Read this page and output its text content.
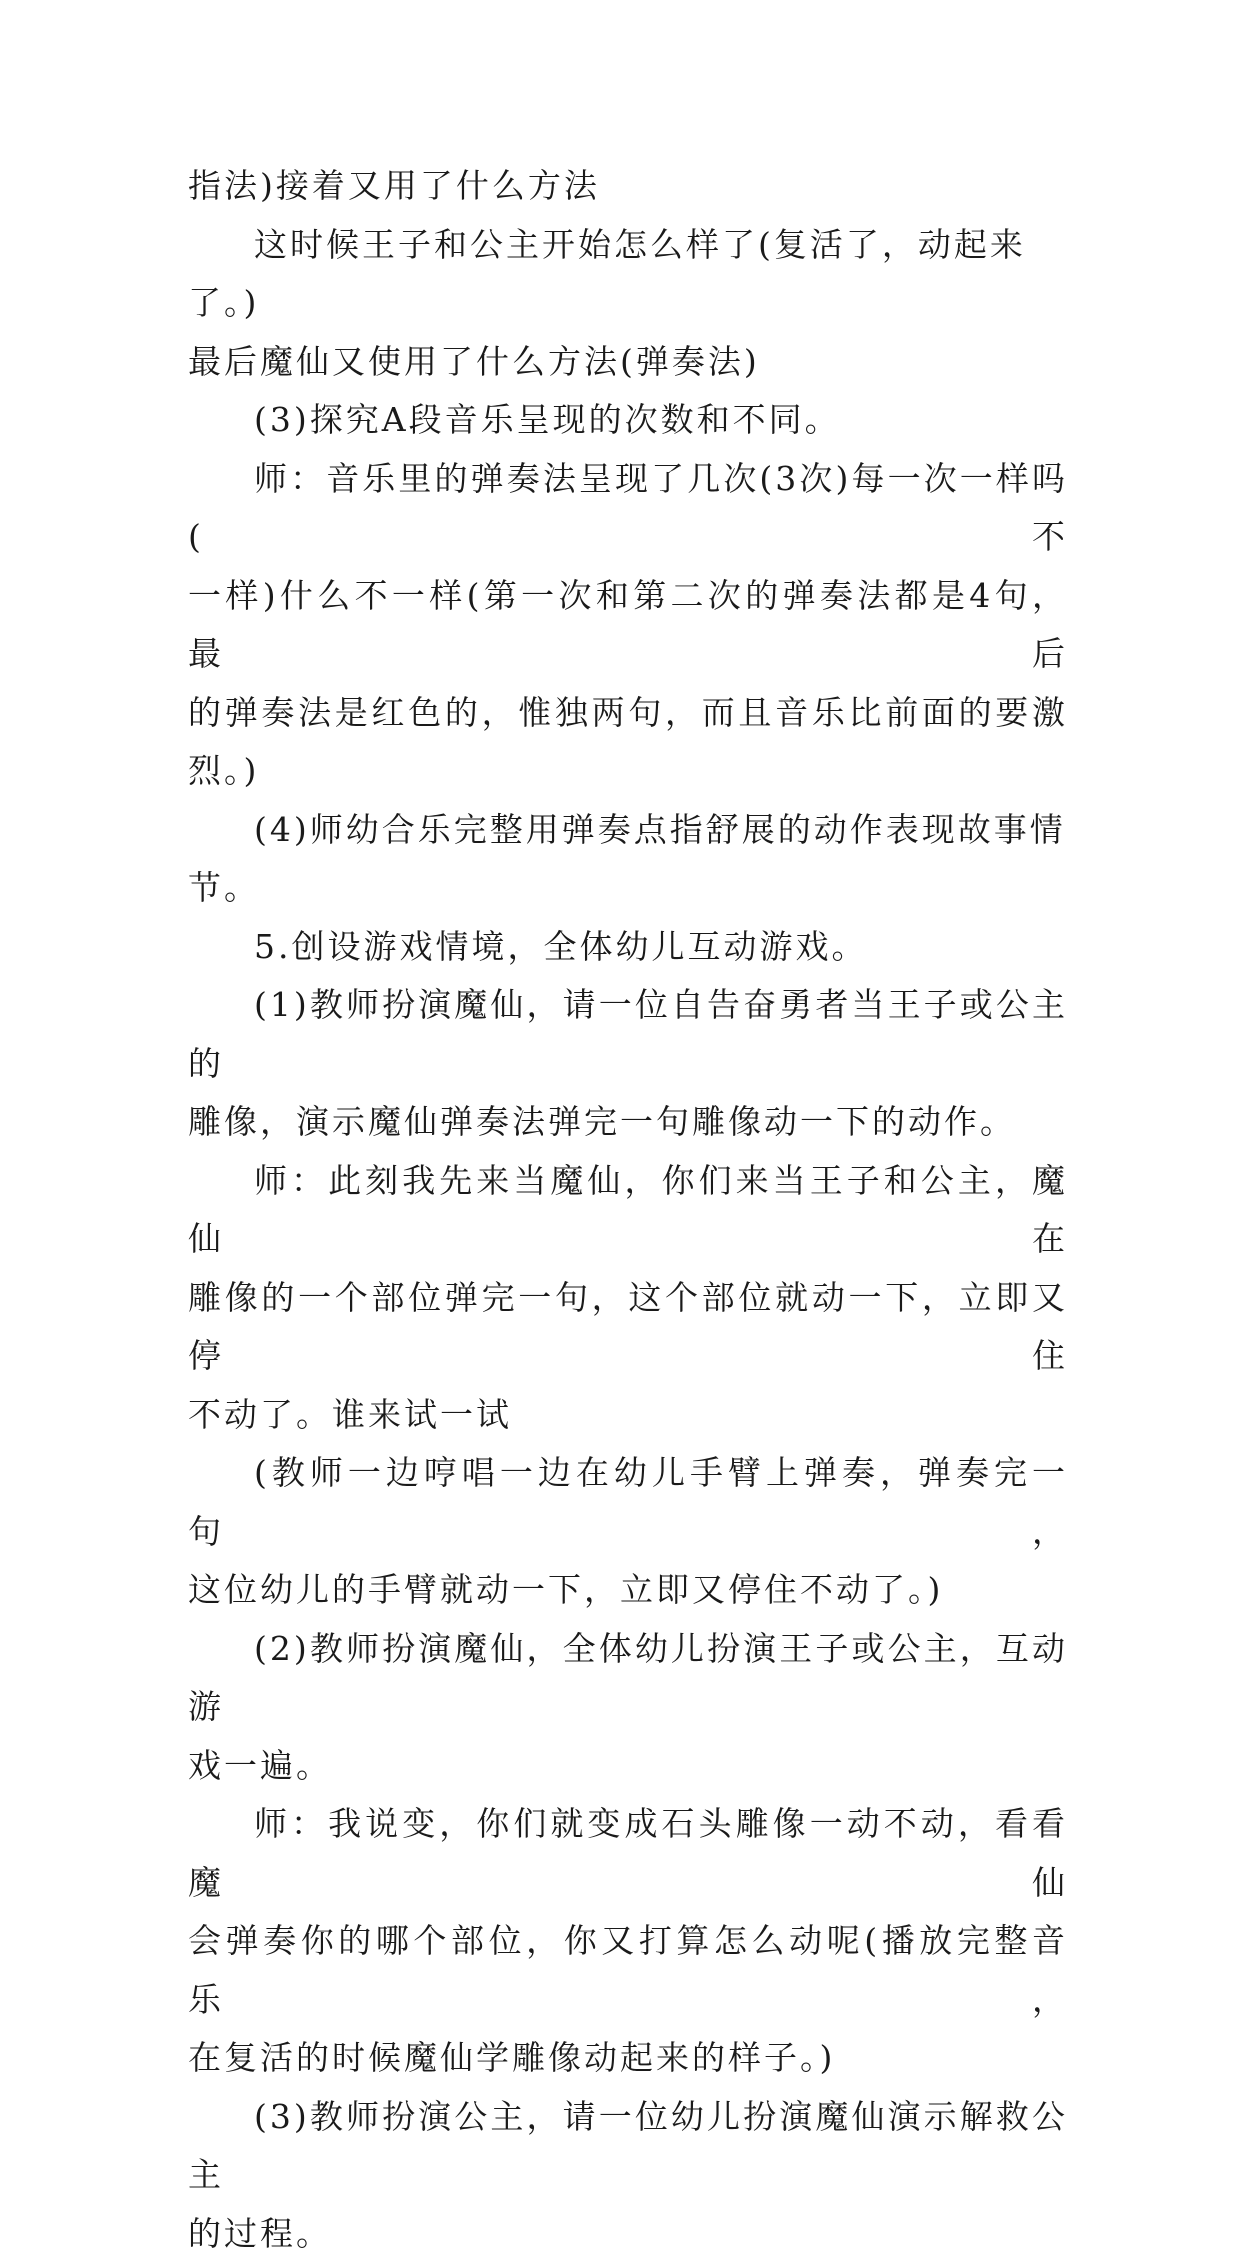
指法)接着又用了什么方法

这时候王子和公主开始怎么样了(复活了，动起来了。)

最后魔仙又使用了什么方法(弹奏法)

(3)探究A段音乐呈现的次数和不同。

师：音乐里的弹奏法呈现了几次(3次)每一次一样吗(不

一样)什么不一样(第一次和第二次的弹奏法都是4句，最后

的弹奏法是红色的，惟独两句，而且音乐比前面的要激

烈。)

(4)师幼合乐完整用弹奏点指舒展的动作表现故事情节。

5.创设游戏情境，全体幼儿互动游戏。

(1)教师扮演魔仙，请一位自告奋勇者当王子或公主的

雕像，演示魔仙弹奏法弹完一句雕像动一下的动作。

师：此刻我先来当魔仙，你们来当王子和公主，魔仙在

雕像的一个部位弹完一句，这个部位就动一下，立即又停住

不动了。谁来试一试

(教师一边哼唱一边在幼儿手臂上弹奏，弹奏完一句，

这位幼儿的手臂就动一下，立即又停住不动了。)

(2)教师扮演魔仙，全体幼儿扮演王子或公主，互动游

戏一遍。

师：我说变，你们就变成石头雕像一动不动，看看魔仙

会弹奏你的哪个部位，你又打算怎么动呢(播放完整音乐，

在复活的时候魔仙学雕像动起来的样子。)

(3)教师扮演公主，请一位幼儿扮演魔仙演示解救公主

的过程。
